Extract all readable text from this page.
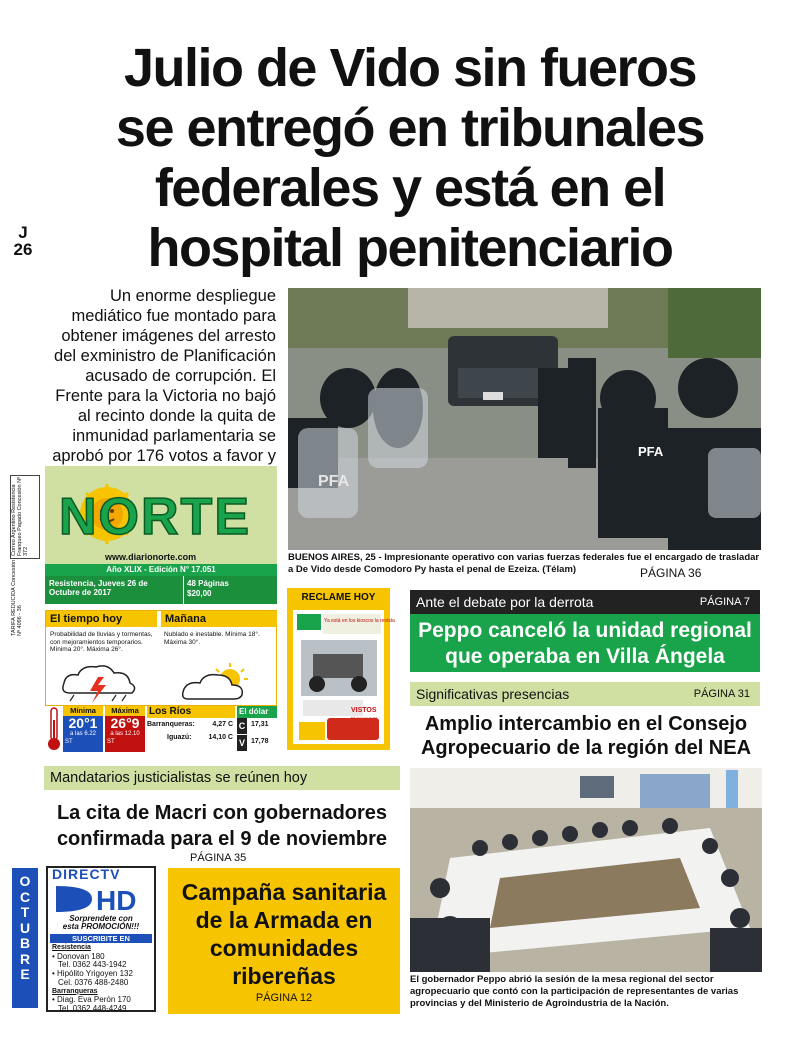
Julio de Vido sin fueros
se entregó en tribunales
federales y está en el
hospital penitenciario
J
26
Un enorme despliegue mediático fue montado para obtener imágenes del arresto del exministro de Planificación acusado de corrupción. El Frente para la Victoria no bajó al recinto donde la quita de inmunidad parlamentaria se aprobó por 176 votos a favor y
PFA
PFA
BUENOS AIRES, 25 - Impresionante operativo con varias fuerzas federales fue el encargado de trasladar a De Vido desde Comodoro Py hasta el penal de Ezeiza. (Télam)	PÁGINA 36
Correo Argentino Resistencia Franqueo Pagado Concesión Nº 372
TARIFA REDUCIDA Concesión Nº 4096 - 36
NORTE
www.diarionorte.com
Año XLIX - Edición N° 17.051
Resistencia, Jueves 26 de Octubre de 2017
48 Páginas
$20,00
El tiempo hoy	Mañana
Probabilidad de lluvias y tormentas, con mejoramientos temporarios. Mínima 20°. Máxima 26°.
Nublado e inestable. Mínima 18°. Máxima 30°.
Mínima
20°1
a las 6.22
ST
Máxima
26°9
a las 12.10
ST
Los Ríos
Barranqueras:	4,27 C
Iguazú: 14,10 C
El dólar
C 17,31
V 17,78
RECLAME HOY
Ya está en los kioscos la revista
VISTOS
Ante el debate por la derrota	PÁGINA 7
Peppo canceló la unidad regional que operaba en Villa Ángela
Significativas presencias	PÁGINA 31
Amplio intercambio en el Consejo Agropecuario de la región del NEA
El gobernador Peppo abrió la sesión de la mesa regional del sector agropecuario que contó con la participación de representantes de varias provincias y del Ministerio de Agroindustria de la Nación.
Mandatarios justicialistas se reúnen hoy
La cita de Macri con gobernadores confirmada para el 9 de noviembre
PÁGINA 35
O
C
T
U
B
R
E
DIRECTV
HD
Sorprendete con
esta PROMOCIÓN!!!
SUSCRIBITE EN
Resistencia
• Donovan 180
Tel. 0362 443-1942
• Hipólito Yrigoyen 132
Cel. 0376 488-2480
Barranqueras
• Diag. Eva Perón 170
Tel. 0362 448-4249
Campaña sanitaria de la Armada en comunidades ribereñas
PÁGINA 12
